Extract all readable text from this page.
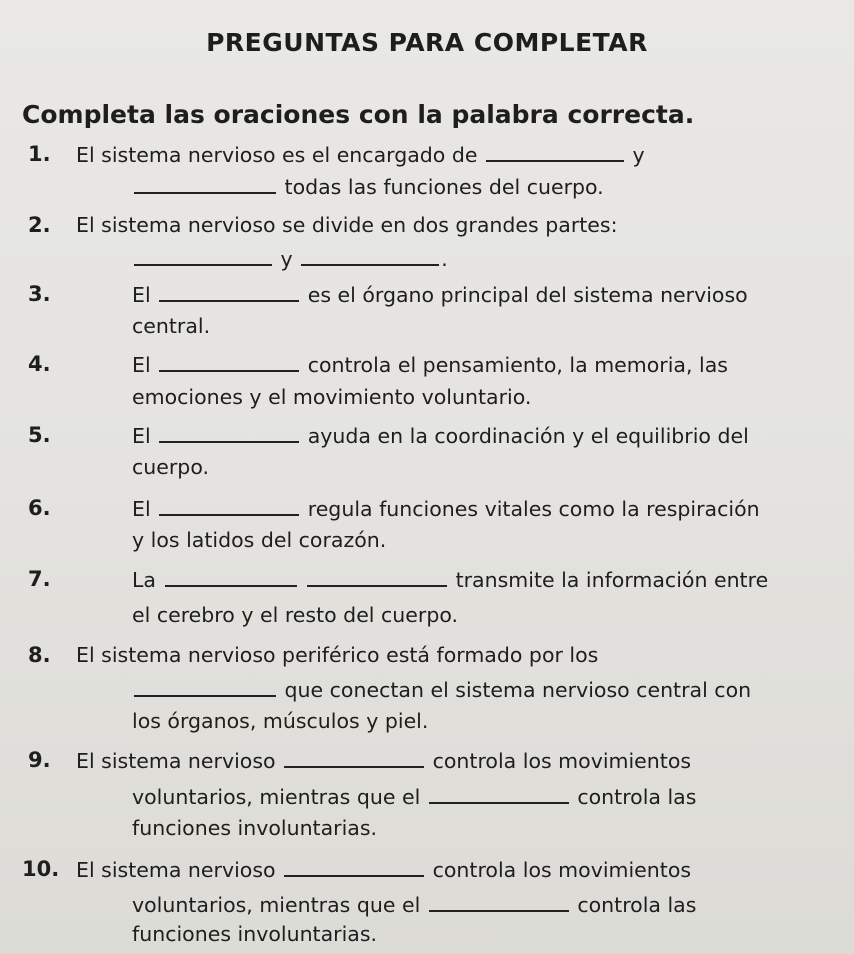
PREGUNTAS PARA COMPLETAR
Completa las oraciones con la palabra correcta.
1. El sistema nervioso es el encargado de	y
todas las funciones del cuerpo.
2. El sistema nervioso se divide en dos grandes partes:
y	.
3.	El	es el órgano principal del sistema nervioso
central.
4.	El	controla el pensamiento, la memoria, las
emociones y el movimiento voluntario.
5.	El	ayuda en la coordinación y el equilibrio del
cuerpo.
6.	El	regula funciones vitales como la respiración
y los latidos del corazón.
7.	La	transmite la información entre
el cerebro y el resto del cuerpo.
8. El sistema nervioso periférico está formado por los
que conectan el sistema nervioso central con
los órganos, músculos y piel.
9. El sistema nervioso	controla los movimientos
voluntarios, mientras que el	controla las
funciones involuntarias.
10. El sistema nervioso	controla los movimientos
voluntarios, mientras que el	controla las
funciones involuntarias.
